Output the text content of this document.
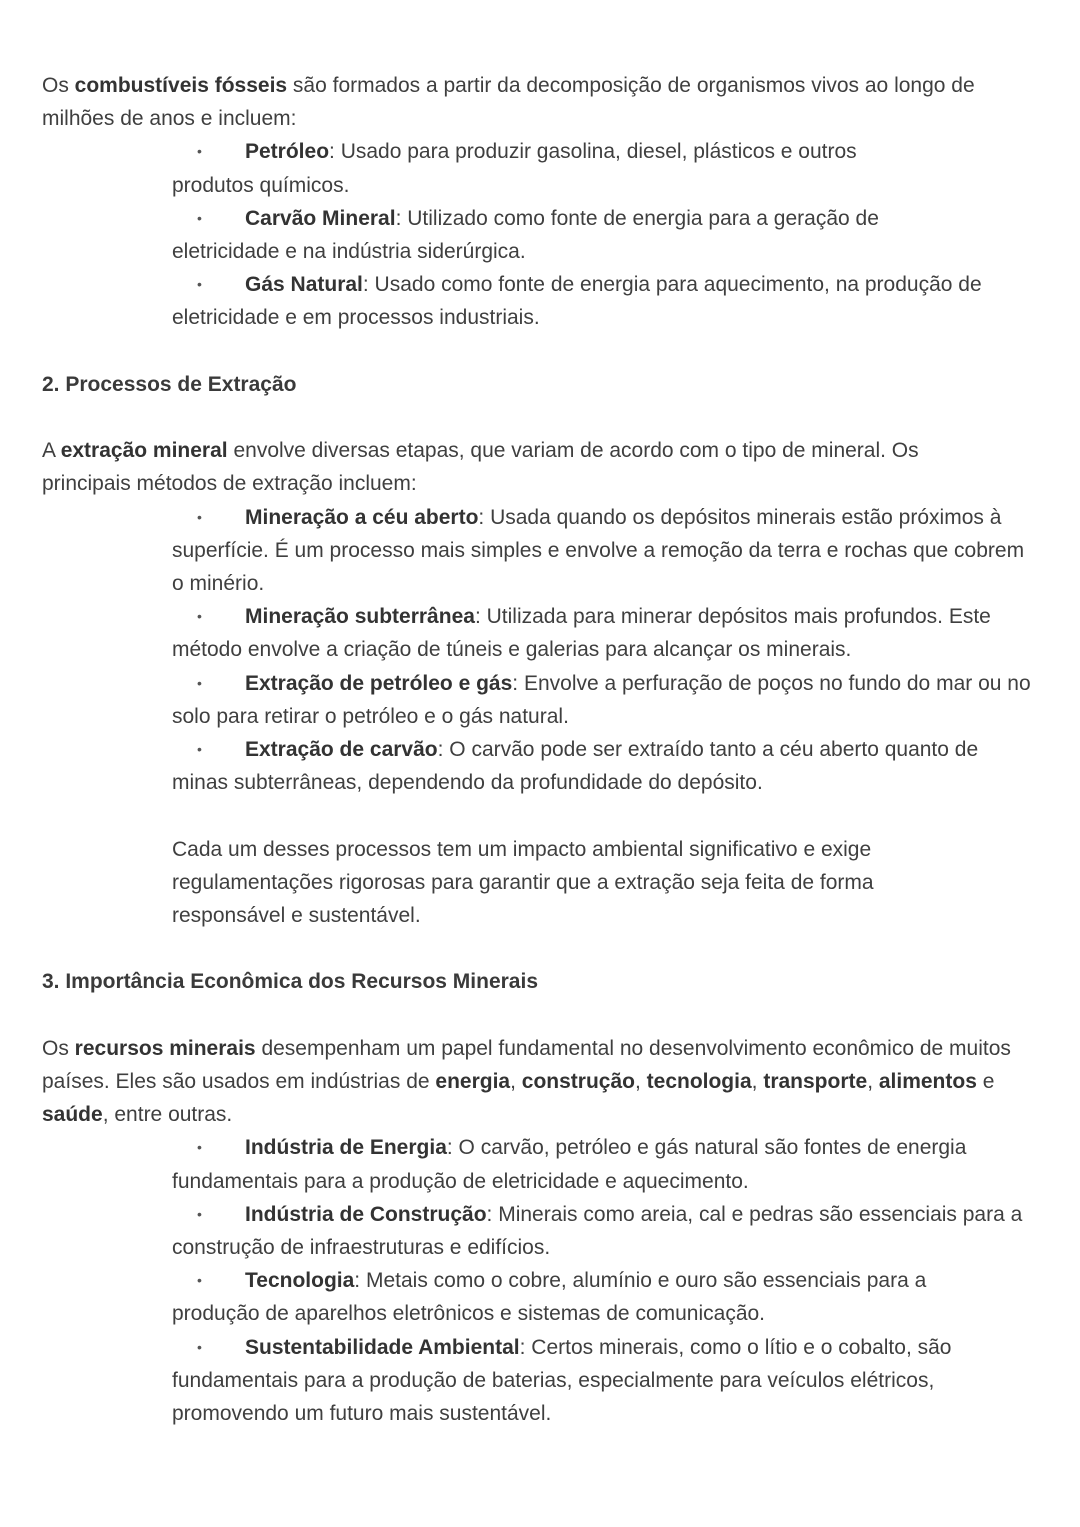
Os combustíveis fósseis são formados a partir da decomposição de organismos vivos ao longo de milhões de anos e incluem:

•	Petróleo: Usado para produzir gasolina, diesel, plásticos e outros produtos químicos.

•	Carvão Mineral: Utilizado como fonte de energia para a geração de eletricidade e na indústria siderúrgica.

•	Gás Natural: Usado como fonte de energia para aquecimento, na produção de eletricidade e em processos industriais.

2. Processos de Extração

A extração mineral envolve diversas etapas, que variam de acordo com o tipo de mineral. Os principais métodos de extração incluem:

•	Mineração a céu aberto: Usada quando os depósitos minerais estão próximos à superfície. É um processo mais simples e envolve a remoção da terra e rochas que cobrem o minério.

•	Mineração subterrânea: Utilizada para minerar depósitos mais profundos. Este método envolve a criação de túneis e galerias para alcançar os minerais.

•	Extração de petróleo e gás: Envolve a perfuração de poços no fundo do mar ou no solo para retirar o petróleo e o gás natural.

•	Extração de carvão: O carvão pode ser extraído tanto a céu aberto quanto de minas subterrâneas, dependendo da profundidade do depósito.

Cada um desses processos tem um impacto ambiental significativo e exige regulamentações rigorosas para garantir que a extração seja feita de forma responsável e sustentável.

3. Importância Econômica dos Recursos Minerais

Os recursos minerais desempenham um papel fundamental no desenvolvimento econômico de muitos países. Eles são usados em indústrias de energia, construção, tecnologia, transporte, alimentos e saúde, entre outras.

•	Indústria de Energia: O carvão, petróleo e gás natural são fontes de energia fundamentais para a produção de eletricidade e aquecimento.

•	Indústria de Construção: Minerais como areia, cal e pedras são essenciais para a construção de infraestruturas e edifícios.

•	Tecnologia: Metais como o cobre, alumínio e ouro são essenciais para a produção de aparelhos eletrônicos e sistemas de comunicação.

•	Sustentabilidade Ambiental: Certos minerais, como o lítio e o cobalto, são fundamentais para a produção de baterias, especialmente para veículos elétricos, promovendo um futuro mais sustentável.
